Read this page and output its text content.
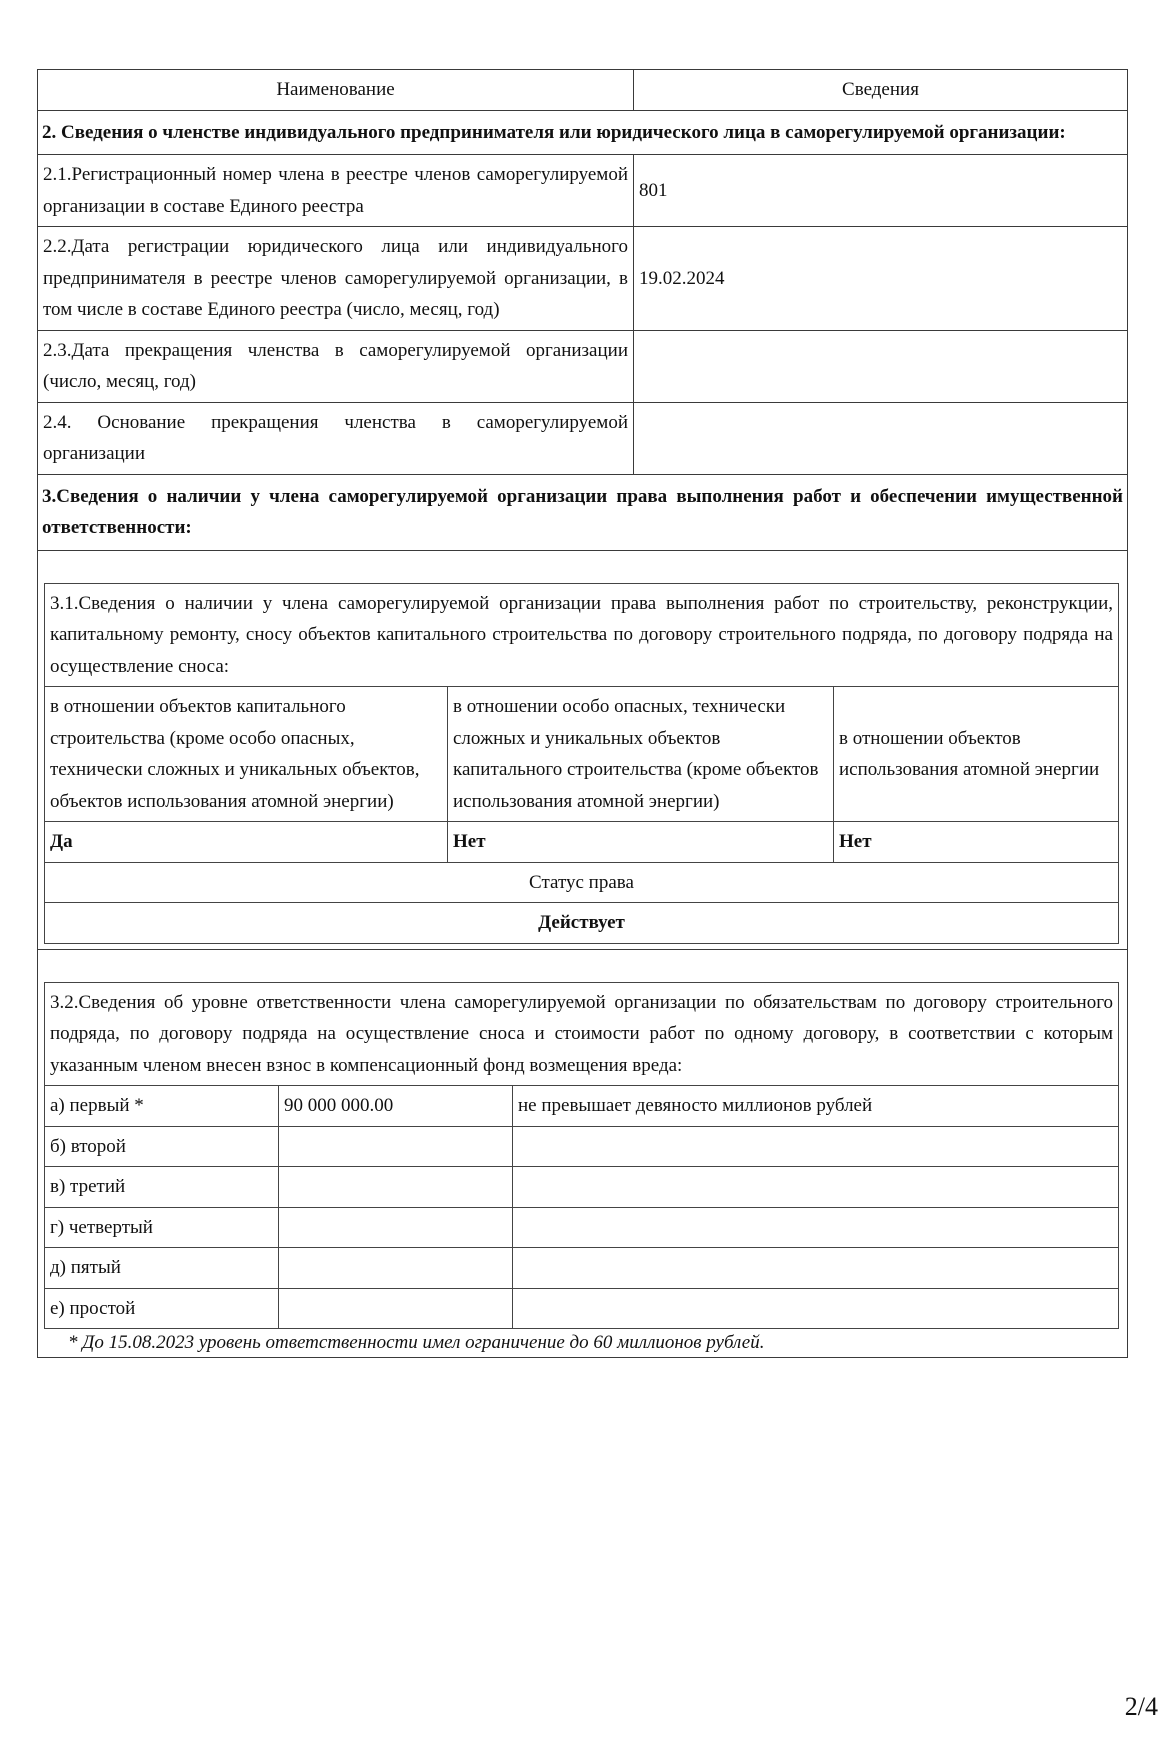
Наименование	Сведения
2. Сведения о членстве индивидуального предпринимателя или юридического лица в саморегулируемой организации:
2.1.Регистрационный номер члена в реестре членов саморегулируемой организации в составе Единого реестра	801
2.2.Дата регистрации юридического лица или индивидуального предпринимателя в реестре членов саморегулируемой организации, в том числе в составе Единого реестра (число, месяц, год)	19.02.2024
2.3.Дата прекращения членства в саморегулируемой организации (число, месяц, год)	
2.4. Основание прекращения членства в саморегулируемой организации	
3.Сведения о наличии у члена саморегулируемой организации права выполнения работ и обеспечении имущественной ответственности:

3.1.Сведения о наличии у члена саморегулируемой организации права выполнения работ по строительству, реконструкции, капитальному ремонту, сносу объектов капитального строительства по договору строительного подряда, по договору подряда на осуществление сноса:
в отношении объектов капитального строительства (кроме особо опасных, технически сложных и уникальных объектов, объектов использования атомной энергии)	в отношении особо опасных, технически сложных и уникальных объектов капитального строительства (кроме объектов использования атомной энергии)	в отношении объектов использования атомной энергии
Да	Нет	Нет
Статус права
Действует

3.2.Сведения об уровне ответственности члена саморегулируемой организации по обязательствам по договору строительного подряда, по договору подряда на осуществление сноса и стоимости работ по одному договору, в соответствии с которым указанным членом внесен взнос в компенсационный фонд возмещения вреда:
а) первый *	90 000 000.00	не превышает девяносто миллионов рублей
б) второй		
в) третий		
г) четвертый		
д) пятый		
е) простой		
* До 15.08.2023 уровень ответственности имел ограничение до 60 миллионов рублей.
2/4
